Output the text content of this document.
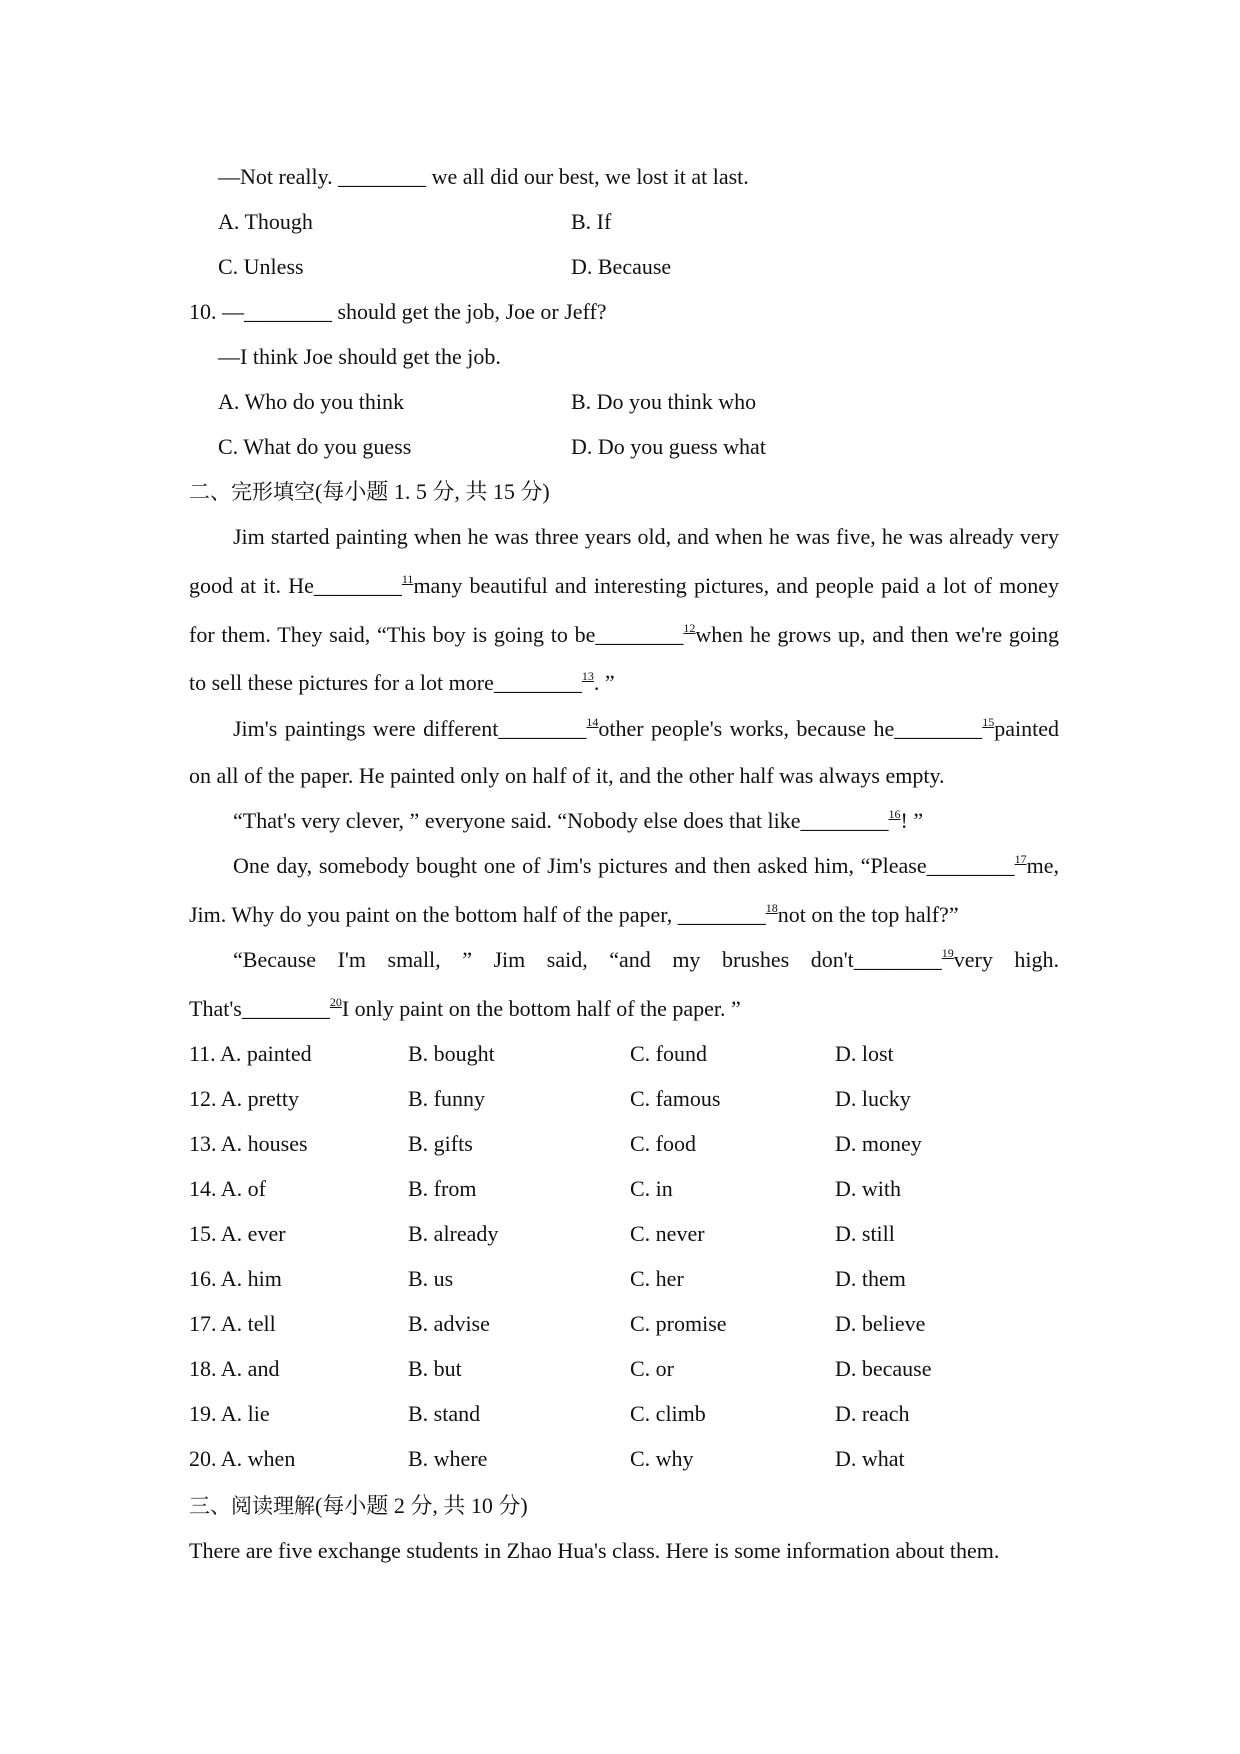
—Not really. ________ we all did our best, we lost it at last.
A. Though	B. If
C. Unless	D. Because
10. —________ should get the job, Joe or Jeff?
—I think Joe should get the job.
A. Who do you think	B. Do you think who
C. What do you guess	D. Do you guess what
二、完形填空(每小题 1. 5 分, 共 15 分)
Jim started painting when he was three years old, and when he was five, he was already very
good at it. He________$^{11}$many beautiful and interesting pictures, and people paid a lot of money
for them. They said, “This boy is going to be________$^{12}$when he grows up, and then we're going
to sell these pictures for a lot more________$^{13}$. ”
Jim's paintings were different________$^{14}$other people's works, because he________$^{15}$painted
on all of the paper. He painted only on half of it, and the other half was always empty.
“That's very clever, ” everyone said. “Nobody else does that like________$^{16}$! ”
One day, somebody bought one of Jim's pictures and then asked him, “Please________$^{17}$me,
Jim. Why do you paint on the bottom half of the paper, ________$^{18}$not on the top half?”
“Because I'm small, ” Jim said, “and my brushes don't________$^{19}$very high.
That's________$^{20}$I only paint on the bottom half of the paper. ”
11. A. painted	B. bought	C. found	D. lost
12. A. pretty	B. funny	C. famous	D. lucky
13. A. houses	B. gifts	C. food	D. money
14. A. of	B. from	C. in	D. with
15. A. ever	B. already	C. never	D. still
16. A. him	B. us	C. her	D. them
17. A. tell	B. advise	C. promise	D. believe
18. A. and	B. but	C. or	D. because
19. A. lie	B. stand	C. climb	D. reach
20. A. when	B. where	C. why	D. what
三、阅读理解(每小题 2 分, 共 10 分)
There are five exchange students in Zhao Hua's class. Here is some information about them.
